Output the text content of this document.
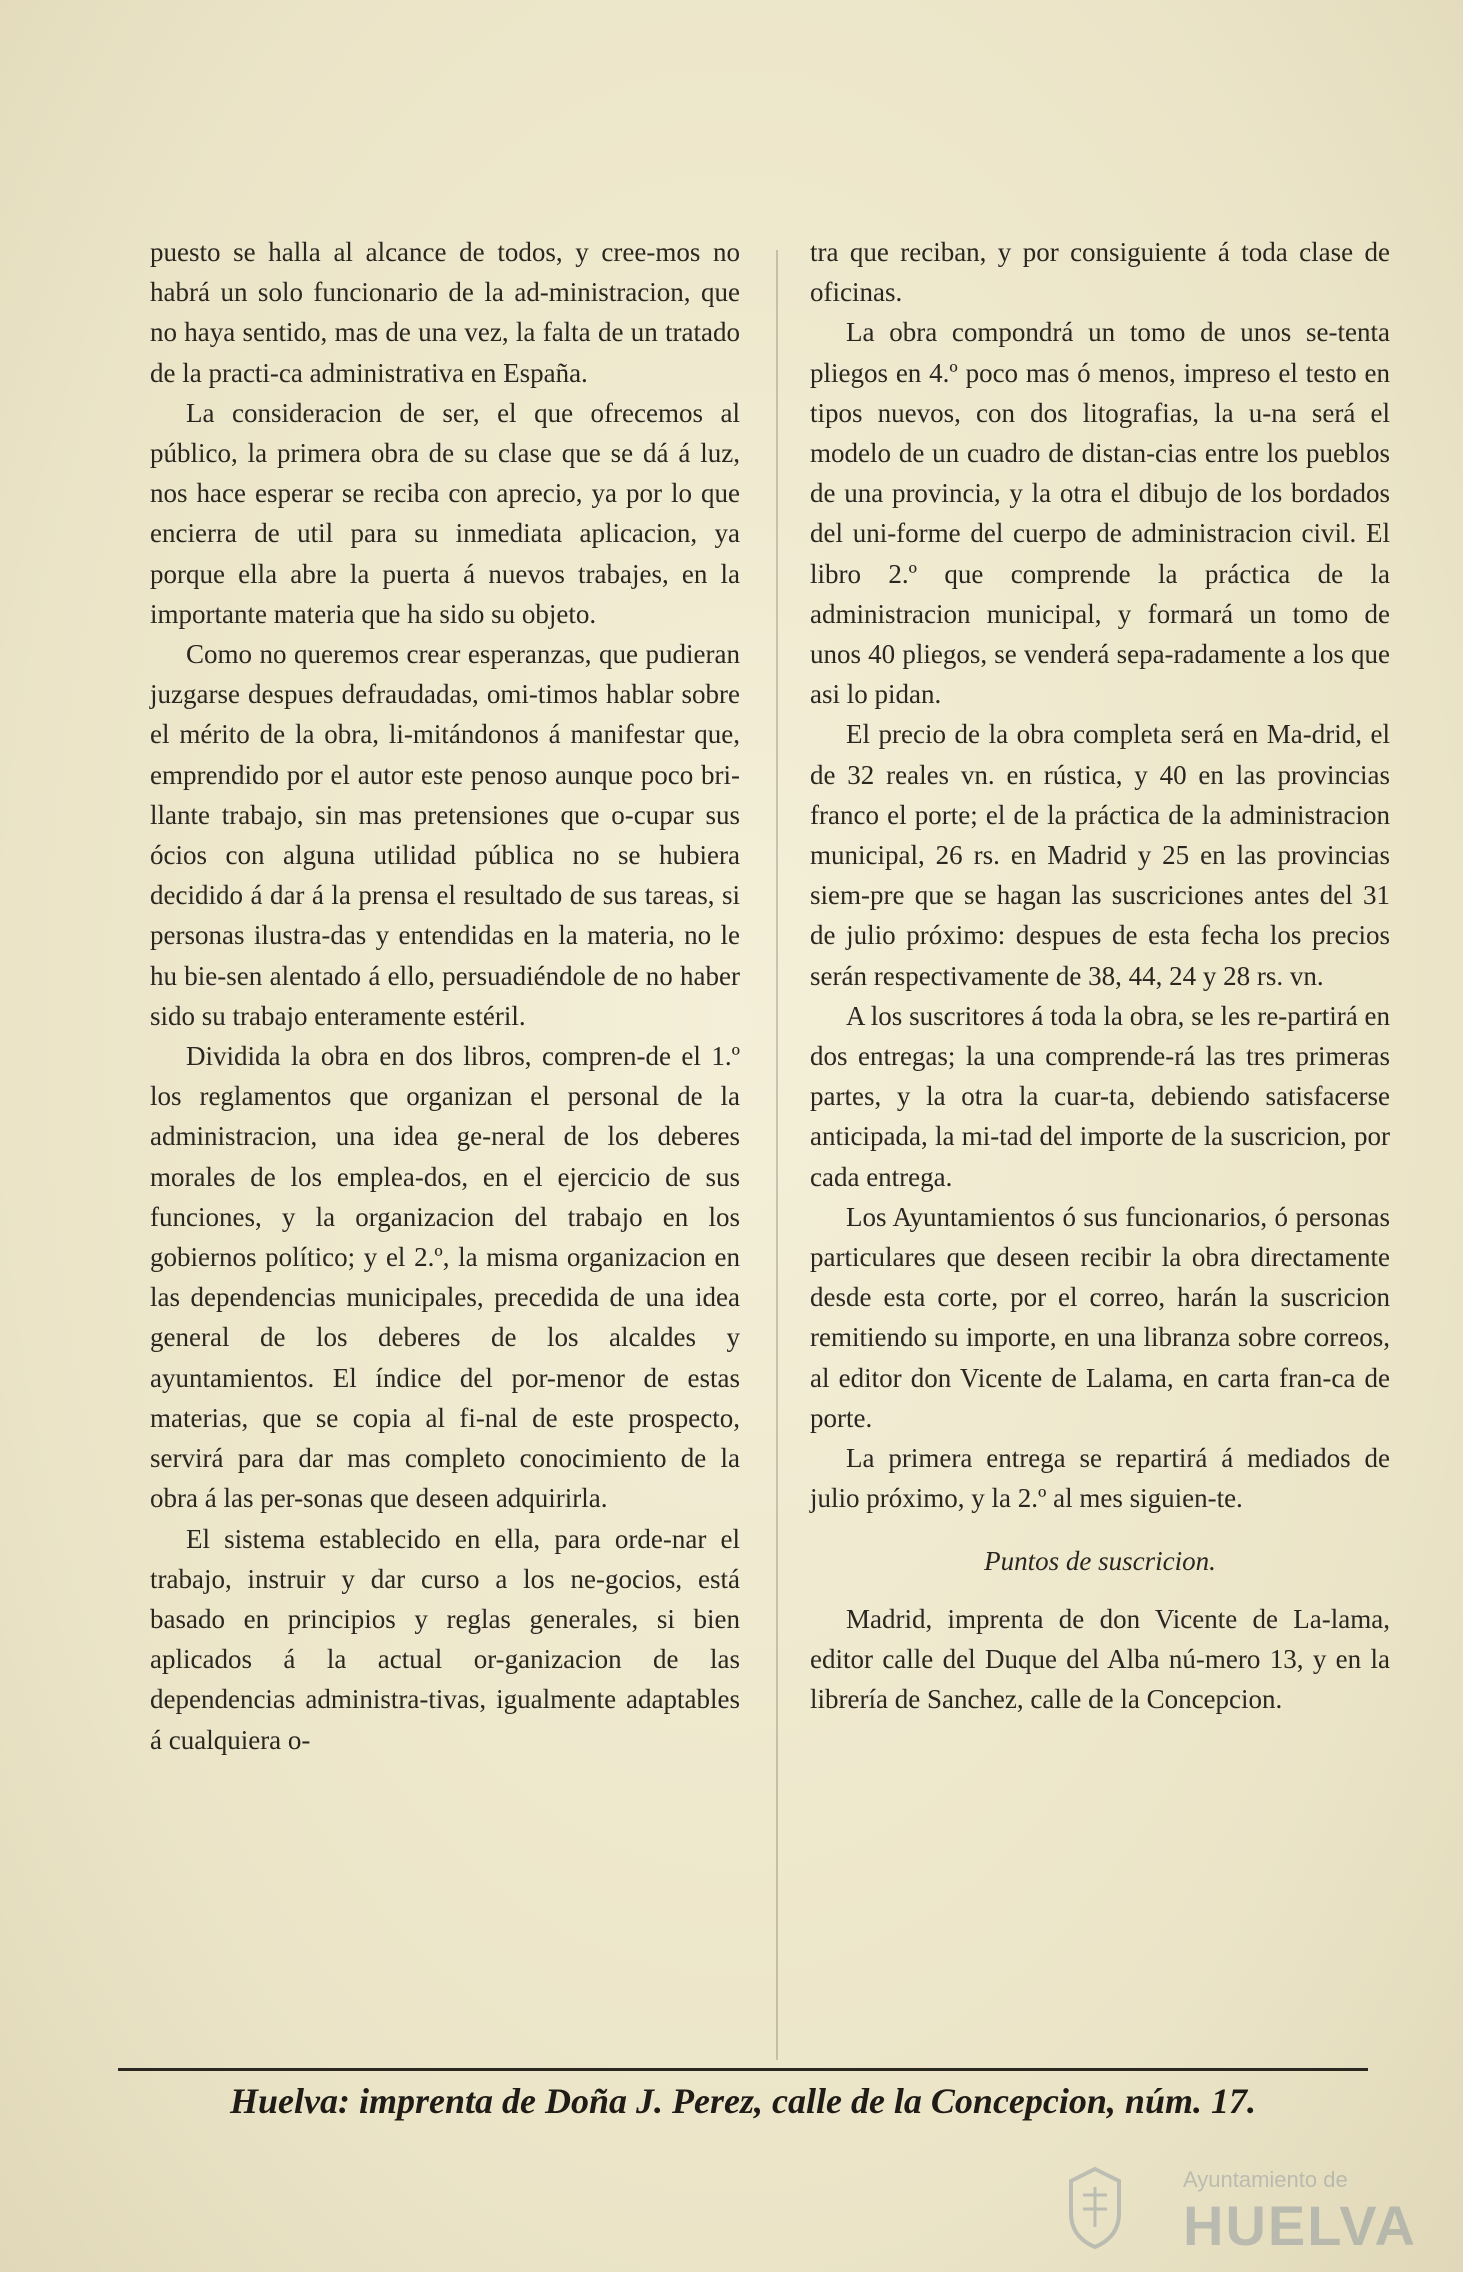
puesto se halla al alcance de todos, y cree-mos no habrá un solo funcionario de la ad-ministracion, que no haya sentido, mas de una vez, la falta de un tratado de la practi-ca administrativa en España.

La consideracion de ser, el que ofrecemos al público, la primera obra de su clase que se dá á luz, nos hace esperar se reciba con aprecio, ya por lo que encierra de util para su inmediata aplicacion, ya porque ella abre la puerta á nuevos trabajes, en la importante materia que ha sido su objeto.

Como no queremos crear esperanzas, que pudieran juzgarse despues defraudadas, omi-timos hablar sobre el mérito de la obra, li-mitándonos á manifestar que, emprendido por el autor este penoso aunque poco bri-llante trabajo, sin mas pretensiones que o-cupar sus ócios con alguna utilidad pública no se hubiera decidido á dar á la prensa el resultado de sus tareas, si personas ilustra-das y entendidas en la materia, no le hu bie-sen alentado á ello, persuadiéndole de no haber sido su trabajo enteramente estéril.

Dividida la obra en dos libros, compren-de el 1.º los reglamentos que organizan el personal de la administracion, una idea ge-neral de los deberes morales de los emplea-dos, en el ejercicio de sus funciones, y la organizacion del trabajo en los gobiernos político; y el 2.º, la misma organizacion en las dependencias municipales, precedida de una idea general de los deberes de los alcaldes y ayuntamientos. El índice del por-menor de estas materias, que se copia al fi-nal de este prospecto, servirá para dar mas completo conocimiento de la obra á las per-sonas que deseen adquirirla.

El sistema establecido en ella, para orde-nar el trabajo, instruir y dar curso a los ne-gocios, está basado en principios y reglas generales, si bien aplicados á la actual or-ganizacion de las dependencias administra-tivas, igualmente adaptables á cualquiera o-

tra que reciban, y por consiguiente á toda clase de oficinas.

La obra compondrá un tomo de unos se-tenta pliegos en 4.º poco mas ó menos, impreso el testo en tipos nuevos, con dos litografias, la u-na será el modelo de un cuadro de distan-cias entre los pueblos de una provincia, y la otra el dibujo de los bordados del uni-forme del cuerpo de administracion civil. El libro 2.º que comprende la práctica de la administracion municipal, y formará un tomo de unos 40 pliegos, se venderá sepa-radamente a los que asi lo pidan.

El precio de la obra completa será en Ma-drid, el de 32 reales vn. en rústica, y 40 en las provincias franco el porte; el de la práctica de la administracion municipal, 26 rs. en Madrid y 25 en las provincias siem-pre que se hagan las suscriciones antes del 31 de julio próximo: despues de esta fecha los precios serán respectivamente de 38, 44, 24 y 28 rs. vn.

A los suscritores á toda la obra, se les re-partirá en dos entregas; la una comprende-rá las tres primeras partes, y la otra la cuar-ta, debiendo satisfacerse anticipada, la mi-tad del importe de la suscricion, por cada entrega.

Los Ayuntamientos ó sus funcionarios, ó personas particulares que deseen recibir la obra directamente desde esta corte, por el correo, harán la suscricion remitiendo su importe, en una libranza sobre correos, al editor don Vicente de Lalama, en carta fran-ca de porte.

La primera entrega se repartirá á mediados de julio próximo, y la 2.º al mes siguien-te.

Puntos de suscricion.

Madrid, imprenta de don Vicente de La-lama, editor calle del Duque del Alba nú-mero 13, y en la librería de Sanchez, calle de la Concepcion.

Huelva: imprenta de Doña J. Perez, calle de la Concepcion, núm. 17.
Ayuntamiento de
HUELVA
